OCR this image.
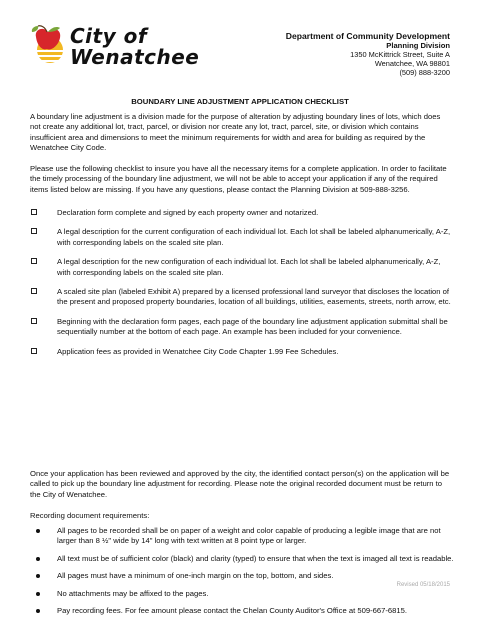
City of
Wenatchee
Department of Community Development
Planning Division
1350 McKittrick Street, Suite A
Wenatchee, WA 98801
(509) 888-3200
BOUNDARY LINE ADJUSTMENT APPLICATION CHECKLIST

A boundary line adjustment is a division made for the purpose of alteration by adjusting boundary lines of lots, which does not create any additional lot, tract, parcel, or division nor create any lot, tract, parcel, site, or division which contains insufficient area and dimensions to meet the minimum requirements for width and area for building as required by the Wenatchee City Code.

Please use the following checklist to insure you have all the necessary items for a complete application. In order to facilitate the timely processing of the boundary line adjustment, we will not be able to accept your application if any of the required items listed below are missing. If you have any questions, please contact the Planning Division at 509-888-3256.

Declaration form complete and signed by each property owner and notarized.
A legal description for the current configuration of each individual lot. Each lot shall be labeled alphanumerically, A-Z, with corresponding labels on the scaled site plan.
A legal description for the new configuration of each individual lot. Each lot shall be labeled alphanumerically, A-Z, with corresponding labels on the scaled site plan.
A scaled site plan (labeled Exhibit A) prepared by a licensed professional land surveyor that discloses the location of the present and proposed property boundaries, location of all buildings, utilities, easements, streets, north arrow, etc.
Beginning with the declaration form pages, each page of the boundary line adjustment application submittal shall be sequentially number at the bottom of each page. An example has been included for your convenience.
Application fees as provided in Wenatchee City Code Chapter 1.99 Fee Schedules.

Once your application has been reviewed and approved by the city, the identified contact person(s) on the application will be called to pick up the boundary line adjustment for recording. Please note the original recorded document must be return to the City of Wenatchee.

Recording document requirements:

All pages to be recorded shall be on paper of a weight and color capable of producing a legible image that are not larger than 8 ½" wide by 14" long with text written at 8 point type or larger.
All text must be of sufficient color (black) and clarity (typed) to ensure that when the text is imaged all text is readable.
All pages must have a minimum of one-inch margin on the top, bottom, and sides.
No attachments may be affixed to the pages.
Pay recording fees. For fee amount please contact the Chelan County Auditor's Office at 509-667-6815.
Revised 05/18/2015
